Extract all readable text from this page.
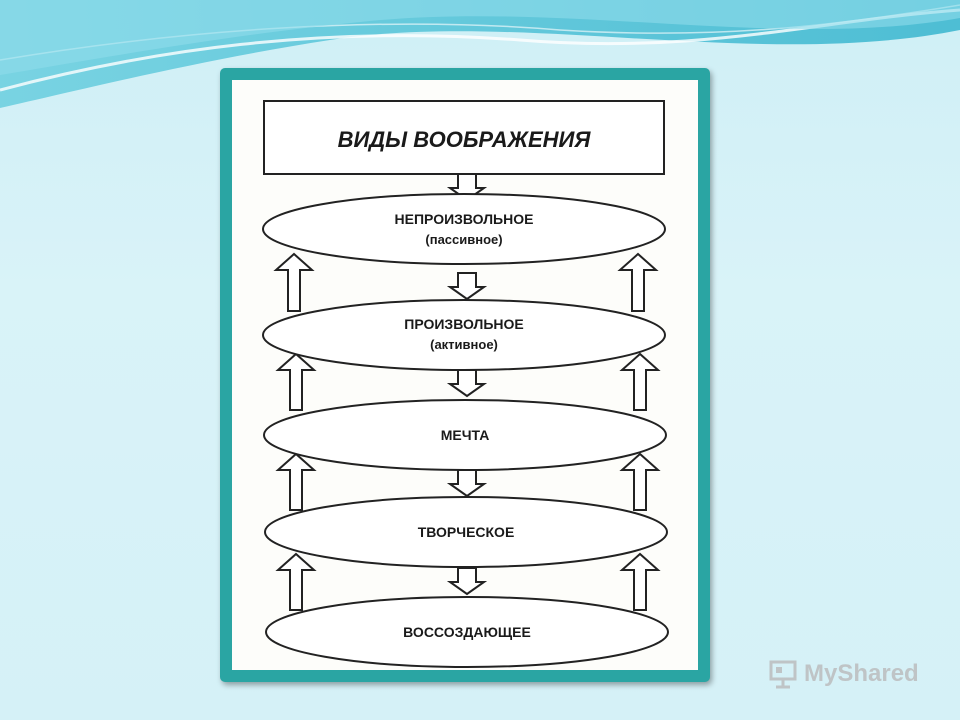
ВИДЫ ВООБРАЖЕНИЯ
НЕПРОИЗВОЛЬНОЕ
(пассивное)
ПРОИЗВОЛЬНОЕ
(активное)
МЕЧТА
ТВОРЧЕСКОЕ
ВОССОЗДАЮЩЕЕ
MyShared
